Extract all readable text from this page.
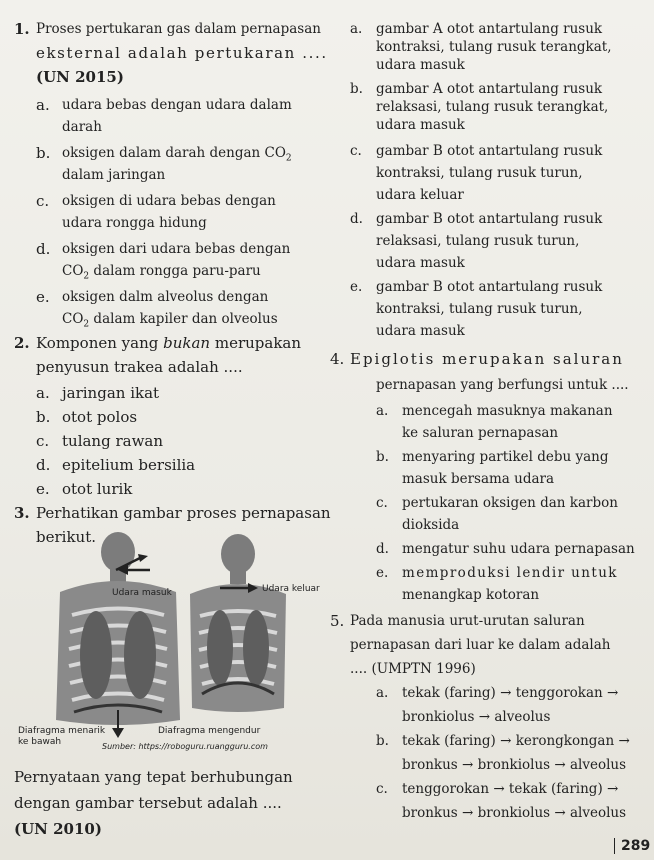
1. Proses pertukaran gas dalam pernapasan
eksternal adalah pertukaran ....
(UN 2015)
a. udara bebas dengan udara dalam
darah
b. oksigen dalam darah dengan $CO_2$
dalam jaringan
c. oksigen di udara bebas dengan
udara rongga hidung
d. oksigen dari udara bebas dengan
$CO_2$ dalam rongga paru-paru
e. oksigen dalm alveolus dengan
$CO_2$ dalam kapiler dan olveolus
2. Komponen yang bukan merupakan
penyusun trakea adalah ....
a. jaringan ikat
b. otot polos
c. tulang rawan
d. epitelium bersilia
e. otot lurik
3. Perhatikan gambar proses pernapasan
berikut.
Udara masuk	Udara keluar
Diafragma menarik
ke bawah
Diafragma mengendur
Sumber: https://roboguru.ruangguru.com
Pernyataan yang tepat berhubungan
dengan gambar tersebut adalah ....
(UN 2010)
a. gambar A otot antartulang rusuk
kontraksi, tulang rusuk terangkat,
udara masuk
b. gambar A otot antartulang rusuk
relaksasi, tulang rusuk terangkat,
udara masuk
c. gambar B otot antartulang rusuk
kontraksi, tulang rusuk turun,
udara keluar
d. gambar B otot antartulang rusuk
relaksasi, tulang rusuk turun,
udara masuk
e. gambar B otot antartulang rusuk
kontraksi, tulang rusuk turun,
udara masuk
4. Epiglotis merupakan saluran
pernapasan yang berfungsi untuk ....
a. mencegah masuknya makanan
ke saluran pernapasan
b. menyaring partikel debu yang
masuk bersama udara
c. pertukaran oksigen dan karbon
dioksida
d. mengatur suhu udara pernapasan
e. memproduksi lendir untuk
menangkap kotoran
5. Pada manusia urut-urutan saluran
pernapasan dari luar ke dalam adalah
.... (UMPTN 1996)
a. tekak (faring) → tenggorokan →
bronkiolus → alveolus
b. tekak (faring) → kerongkongan →
bronkus → bronkiolus → alveolus
c. tenggorokan → tekak (faring) →
bronkus → bronkiolus → alveolus
289
